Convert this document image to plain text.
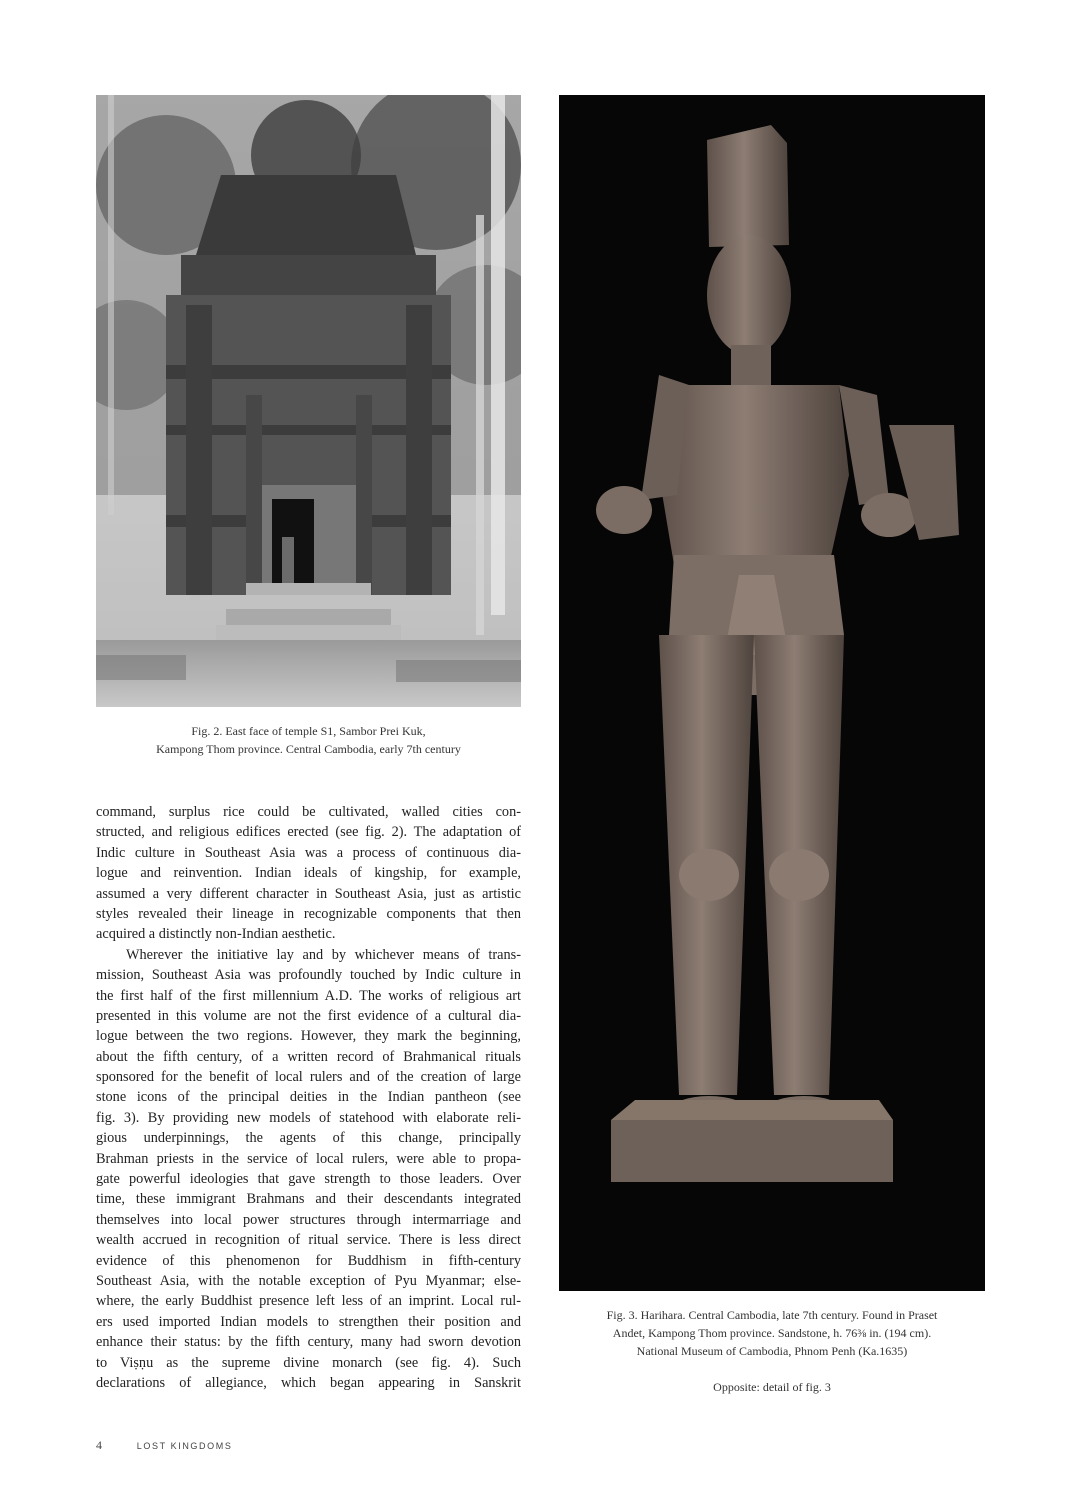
Fig. 2. East face of temple S1, Sambor Prei Kuk,
Kampong Thom province. Central Cambodia, early 7th century
Fig. 3. Harihara. Central Cambodia, late 7th century. Found in Praset
Andet, Kampong Thom province. Sandstone, h. 76⅜ in. (194 cm).
National Museum of Cambodia, Phnom Penh (Ka.1635)
Opposite: detail of fig. 3
command, surplus rice could be cultivated, walled cities con-
structed, and religious edifices erected (see fig. 2). The adaptation of
Indic culture in Southeast Asia was a process of continuous dia-
logue and reinvention. Indian ideals of kingship, for example,
assumed a very different character in Southeast Asia, just as artistic
styles revealed their lineage in recognizable components that then
acquired a distinctly non-Indian aesthetic.
Wherever the initiative lay and by whichever means of trans-
mission, Southeast Asia was profoundly touched by Indic culture in
the first half of the first millennium A.D. The works of religious art
presented in this volume are not the first evidence of a cultural dia-
logue between the two regions. However, they mark the beginning,
about the fifth century, of a written record of Brahmanical rituals
sponsored for the benefit of local rulers and of the creation of large
stone icons of the principal deities in the Indian pantheon (see
fig. 3). By providing new models of statehood with elaborate reli-
gious underpinnings, the agents of this change, principally
Brahman priests in the service of local rulers, were able to propa-
gate powerful ideologies that gave strength to those leaders. Over
time, these immigrant Brahmans and their descendants integrated
themselves into local power structures through intermarriage and
wealth accrued in recognition of ritual service. There is less direct
evidence of this phenomenon for Buddhism in fifth-century
Southeast Asia, with the notable exception of Pyu Myanmar; else-
where, the early Buddhist presence left less of an imprint. Local rul-
ers used imported Indian models to strengthen their position and
enhance their status: by the fifth century, many had sworn devotion
to Viṣṇu as the supreme divine monarch (see fig. 4). Such
declarations of allegiance, which began appearing in Sanskrit
4	LOST KINGDOMS
